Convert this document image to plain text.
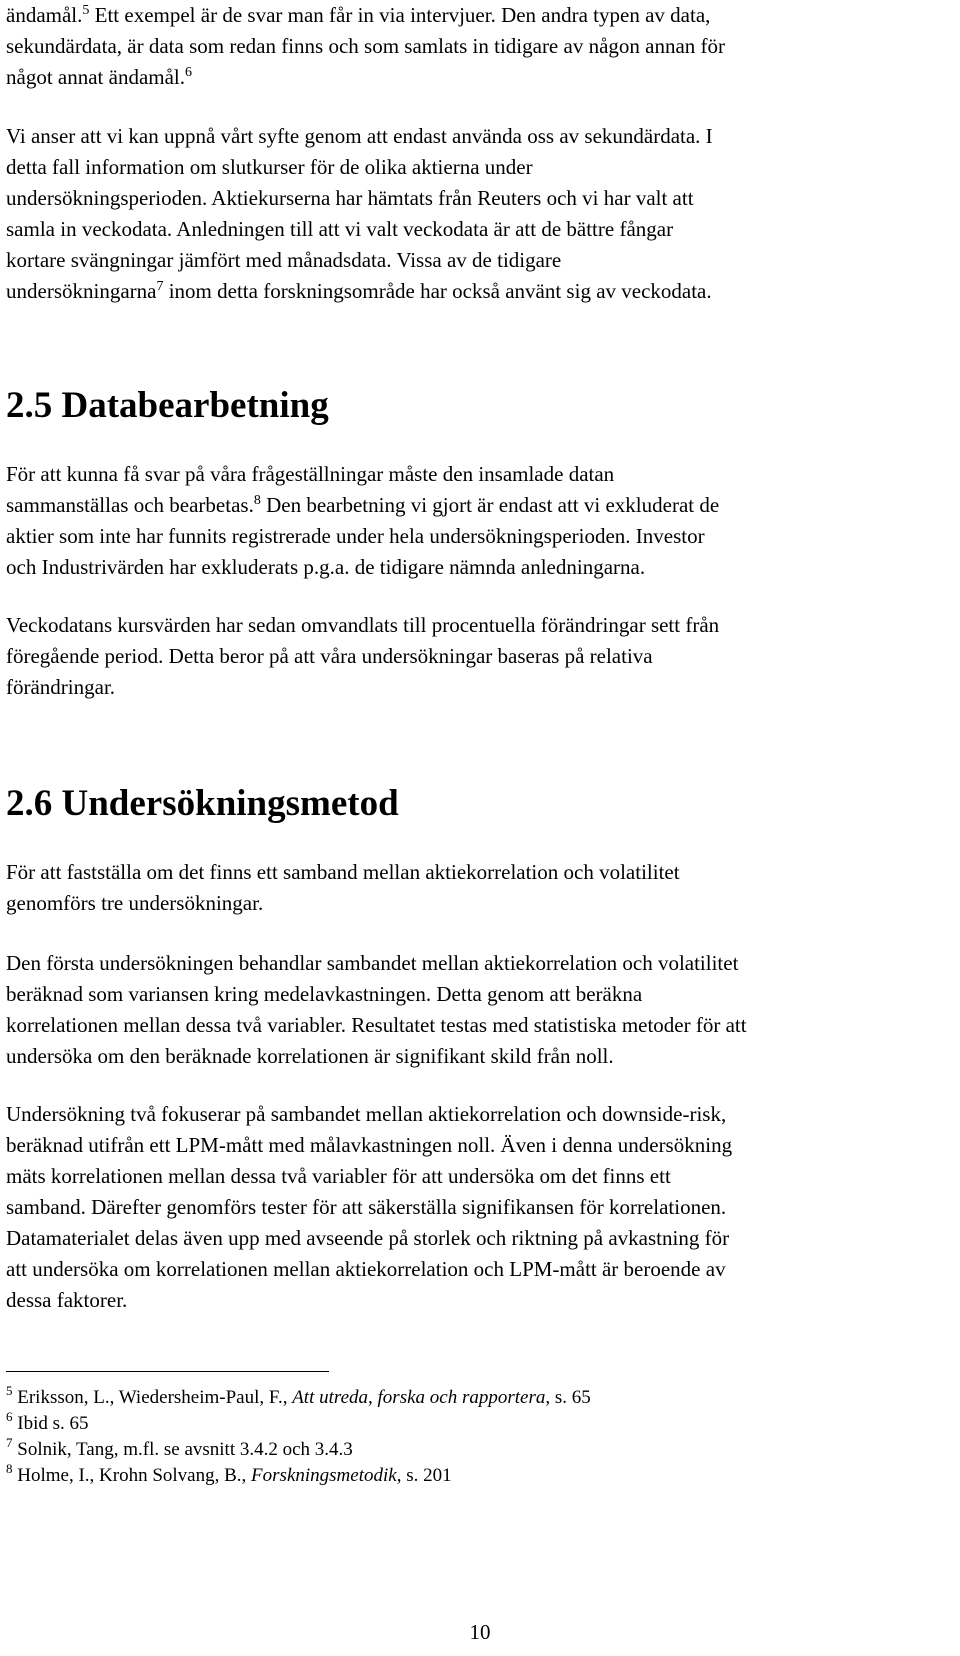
ändamål.$^5$ Ett exempel är de svar man får in via intervjuer. Den andra typen av data,
sekundärdata, är data som redan finns och som samlats in tidigare av någon annan för
något annat ändamål.$^6$

Vi anser att vi kan uppnå vårt syfte genom att endast använda oss av sekundärdata. I
detta fall information om slutkurser för de olika aktierna under
undersökningsperioden. Aktiekurserna har hämtats från Reuters och vi har valt att
samla in veckodata. Anledningen till att vi valt veckodata är att de bättre fångar
kortare svängningar jämfört med månadsdata. Vissa av de tidigare
undersökningarna$^7$ inom detta forskningsområde har också använt sig av veckodata.

2.5 Databearbetning

För att kunna få svar på våra frågeställningar måste den insamlade datan
sammanställas och bearbetas.$^8$ Den bearbetning vi gjort är endast att vi exkluderat de
aktier som inte har funnits registrerade under hela undersökningsperioden. Investor
och Industrivärden har exkluderats p.g.a. de tidigare nämnda anledningarna.

Veckodatans kursvärden har sedan omvandlats till procentuella förändringar sett från
föregående period. Detta beror på att våra undersökningar baseras på relativa
förändringar.

2.6 Undersökningsmetod

För att fastställa om det finns ett samband mellan aktiekorrelation och volatilitet
genomförs tre undersökningar.

Den första undersökningen behandlar sambandet mellan aktiekorrelation och volatilitet
beräknad som variansen kring medelavkastningen. Detta genom att beräkna
korrelationen mellan dessa två variabler. Resultatet testas med statistiska metoder för att
undersöka om den beräknade korrelationen är signifikant skild från noll.

Undersökning två fokuserar på sambandet mellan aktiekorrelation och downside-risk,
beräknad utifrån ett LPM-mått med målavkastningen noll. Även i denna undersökning
mäts korrelationen mellan dessa två variabler för att undersöka om det finns ett
samband. Därefter genomförs tester för att säkerställa signifikansen för korrelationen.
Datamaterialet delas även upp med avseende på storlek och riktning på avkastning för
att undersöka om korrelationen mellan aktiekorrelation och LPM-mått är beroende av
dessa faktorer.

$^5$ Eriksson, L., Wiedersheim-Paul, F., Att utreda, forska och rapportera, s. 65
$^6$ Ibid s. 65
$^7$ Solnik, Tang, m.fl. se avsnitt 3.4.2 och 3.4.3
$^8$ Holme, I., Krohn Solvang, B., Forskningsmetodik, s. 201
10
